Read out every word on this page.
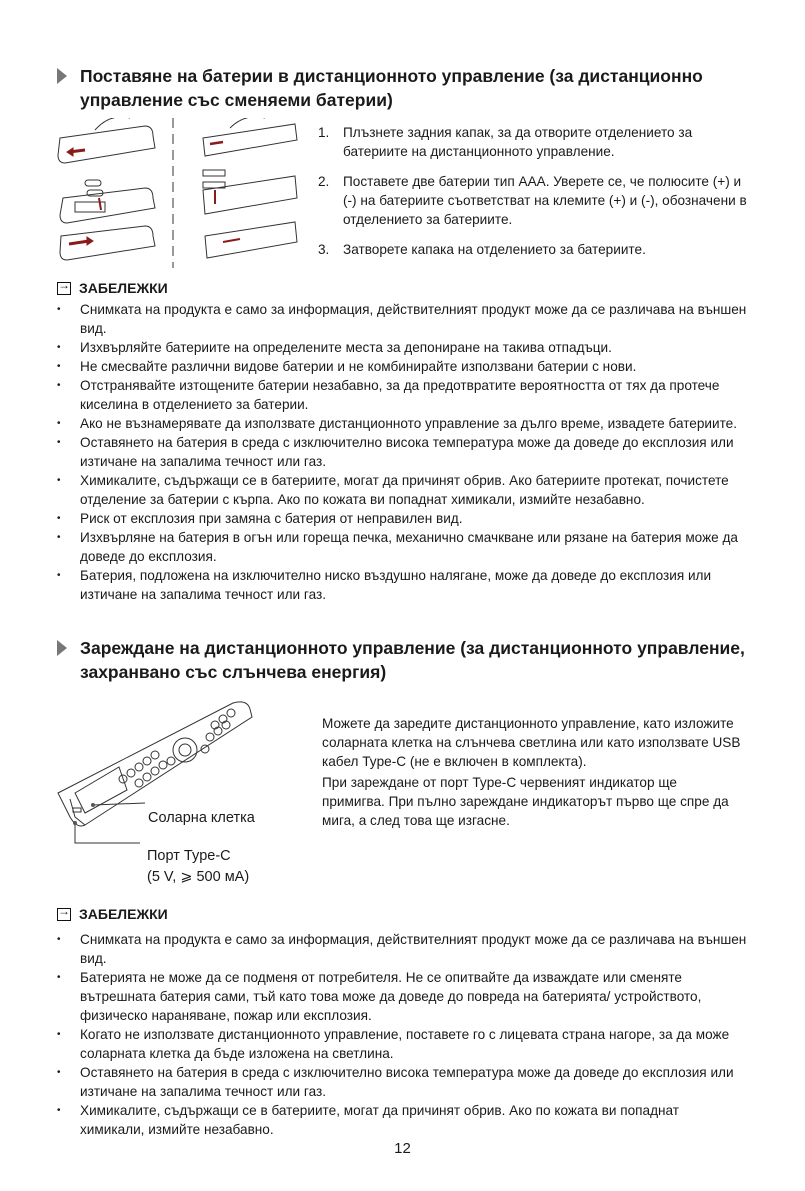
Поставяне на батерии в дистанционното управление (за дистанционно управление със сменяеми батерии)
1. Плъзнете задния капак, за да отворите отделението за батериите на дистанционното управление.
2. Поставете две батерии тип AAA. Уверете се, че полюсите (+) и (-) на батериите съответстват на клемите (+) и (-), обозначени в отделението за батериите.
3. Затворете капака на отделението за батериите.
→
ЗАБЕЛЕЖКИ
• Снимката на продукта е само за информация, действителният продукт може да се различава на външен вид.
• Изхвърляйте батериите на определените места за депониране на такива отпадъци.
• Не смесвайте различни видове батерии и не комбинирайте използвани батерии с нови.
• Отстранявайте изтощените батерии незабавно, за да предотвратите вероятността от тях да протече киселина в отделението за батерии.
• Ако не възнамерявате да използвате дистанционното управление за дълго време, извадете батериите.
• Оставянето на батерия в среда с изключително висока температура може да доведе до експлозия или изтичане на запалима течност или газ.
• Химикалите, съдържащи се в батериите, могат да причинят обрив. Ако батериите протекат, почистете отделение за батерии с кърпа. Ако по кожата ви попаднат химикали, измийте незабавно.
• Риск от експлозия при замяна с батерия от неправилен вид.
• Изхвърляне на батерия в огън или гореща печка, механично смачкване или рязане на батерия може да доведе до експлозия.
• Батерия, подложена на изключително ниско въздушно налягане, може да доведе до експлозия или изтичане на запалима течност или газ.
Зареждане на дистанционното управление (за дистанционното управление, захранвано със слънчева енергия)
Соларна клетка
Порт Type-C
(5 V, ⩾ 500 мA)
Можете да заредите дистанционното управление, като изложите соларната клетка на слънчева светлина или като използвате USB кабел Type-C (не е включен в комплекта).
При зареждане от порт Type-C червеният индикатор ще примигва. При пълно зареждане индикаторът първо ще спре да мига, а след това ще изгасне.
→
ЗАБЕЛЕЖКИ
• Снимката на продукта е само за информация, действителният продукт може да се различава на външен вид.
• Батерията не може да се подменя от потребителя. Не се опитвайте да изваждате или сменяте вътрешната батерия сами, тъй като това може да доведе до повреда на батерията/ устройството, физическо нараняване, пожар или експлозия.
• Когато не използвате дистанционното управление, поставете го с лицевата страна нагоре, за да може соларната клетка да бъде изложена на светлина.
• Оставянето на батерия в среда с изключително висока температура може да доведе до експлозия или изтичане на запалима течност или газ.
• Химикалите, съдържащи се в батериите, могат да причинят обрив. Ако по кожата ви попаднат химикали, измийте незабавно.
12
